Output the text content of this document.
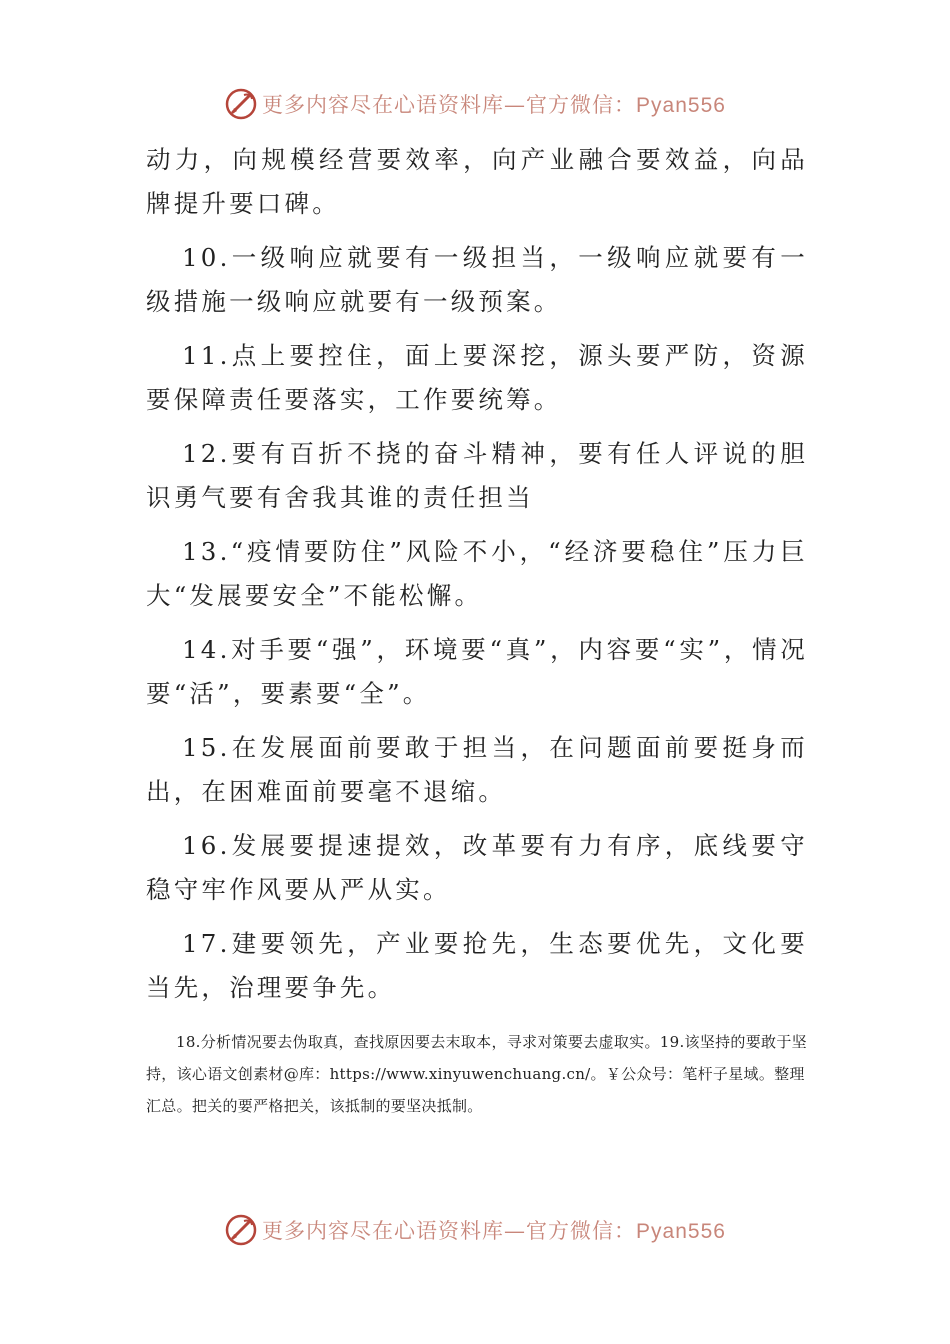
更多内容尽在心语资料库—官方微信：Pyan556

动力，向规模经营要效率，向产业融合要效益，向品牌提升要口碑。

10.一级响应就要有一级担当，一级响应就要有一级措施一级响应就要有一级预案。

11.点上要控住，面上要深挖，源头要严防，资源要保障责任要落实，工作要统筹。

12.要有百折不挠的奋斗精神，要有任人评说的胆识勇气要有舍我其谁的责任担当

13.“疫情要防住”风险不小，“经济要稳住”压力巨大“发展要安全”不能松懈。

14.对手要“强”，环境要“真”，内容要“实”，情况要“活”，要素要“全”。

15.在发展面前要敢于担当，在问题面前要挺身而出，在困难面前要毫不退缩。

16.发展要提速提效，改革要有力有序，底线要守稳守牢作风要从严从实。

17.建要领先，产业要抢先，生态要优先，文化要当先，治理要争先。

18.分析情况要去伪取真，查找原因要去末取本，寻求对策要去虚取实。19.该坚持的要敢于坚持，该心语文创素材@库：https://www.xinyuwenchuang.cn/。￥公众号：笔杆子星域。整理汇总。把关的要严格把关，该抵制的要坚决抵制。
更多内容尽在心语资料库—官方微信：Pyan556
